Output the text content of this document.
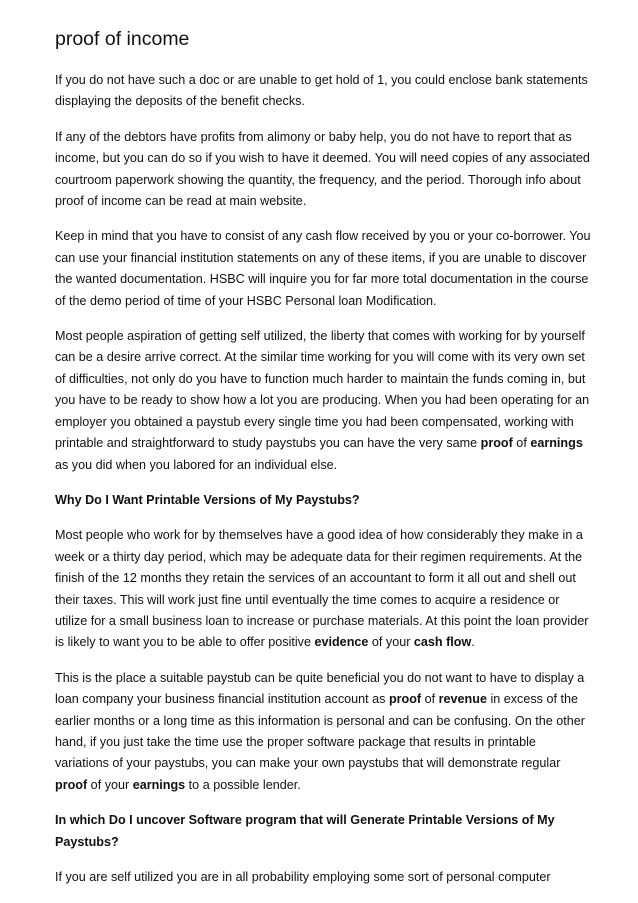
proof of income

If you do not have such a doc or are unable to get hold of 1, you could enclose bank statements displaying the deposits of the benefit checks.

If any of the debtors have profits from alimony or baby help, you do not have to report that as income, but you can do so if you wish to have it deemed. You will need copies of any associated courtroom paperwork showing the quantity, the frequency, and the period. Thorough info about proof of income can be read at main website.

Keep in mind that you have to consist of any cash flow received by you or your co-borrower. You can use your financial institution statements on any of these items, if you are unable to discover the wanted documentation. HSBC will inquire you for far more total documentation in the course of the demo period of time of your HSBC Personal loan Modification.

Most people aspiration of getting self utilized, the liberty that comes with working for by yourself can be a desire arrive correct. At the similar time working for you will come with its very own set of difficulties, not only do you have to function much harder to maintain the funds coming in, but you have to be ready to show how a lot you are producing. When you had been operating for an employer you obtained a paystub every single time you had been compensated, working with printable and straightforward to study paystubs you can have the very same proof of earnings as you did when you labored for an individual else.

Why Do I Want Printable Versions of My Paystubs?

Most people who work for by themselves have a good idea of how considerably they make in a week or a thirty day period, which may be adequate data for their regimen requirements. At the finish of the 12 months they retain the services of an accountant to form it all out and shell out their taxes. This will work just fine until eventually the time comes to acquire a residence or utilize for a small business loan to increase or purchase materials. At this point the loan provider is likely to want you to be able to offer positive evidence of your cash flow.

This is the place a suitable paystub can be quite beneficial you do not want to have to display a loan company your business financial institution account as proof of revenue in excess of the earlier months or a long time as this information is personal and can be confusing. On the other hand, if you just take the time use the proper software package that results in printable variations of your paystubs, you can make your own paystubs that will demonstrate regular proof of your earnings to a possible lender.

In which Do I uncover Software program that will Generate Printable Versions of My Paystubs?

If you are self utilized you are in all probability employing some sort of personal computer
